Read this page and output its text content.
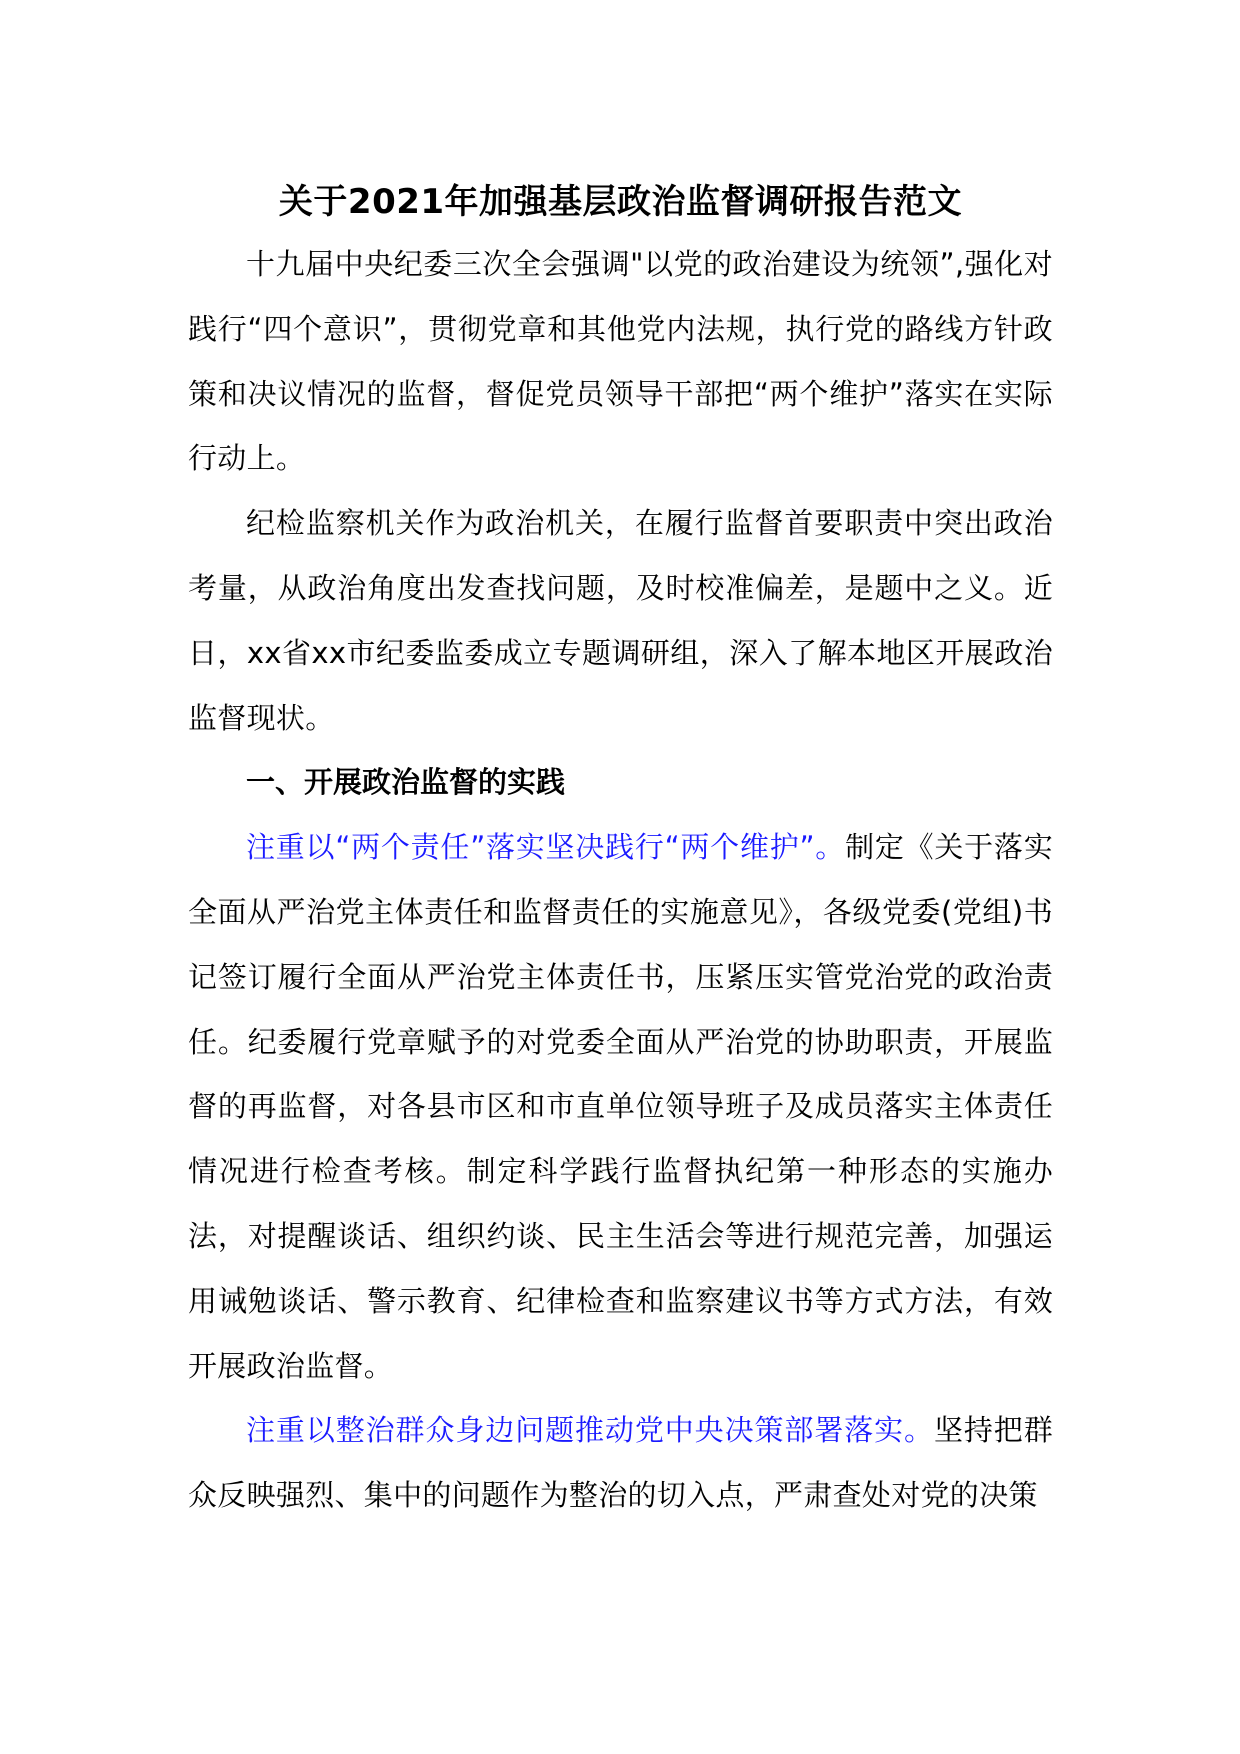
关于2021年加强基层政治监督调研报告范文

十九届中央纪委三次全会强调"以党的政治建设为统领”,强化对践行“四个意识”，贯彻党章和其他党内法规，执行党的路线方针政策和决议情况的监督，督促党员领导干部把“两个维护”落实在实际行动上。

纪检监察机关作为政治机关，在履行监督首要职责中突出政治考量，从政治角度出发查找问题，及时校准偏差，是题中之义。近日，xx省xx市纪委监委成立专题调研组，深入了解本地区开展政治监督现状。

一、开展政治监督的实践

注重以“两个责任”落实坚决践行“两个维护”。制定《关于落实全面从严治党主体责任和监督责任的实施意见》，各级党委(党组)书记签订履行全面从严治党主体责任书，压紧压实管党治党的政治责任。纪委履行党章赋予的对党委全面从严治党的协助职责，开展监督的再监督，对各县市区和市直单位领导班子及成员落实主体责任情况进行检查考核。制定科学践行监督执纪第一种形态的实施办法，对提醒谈话、组织约谈、民主生活会等进行规范完善，加强运用诫勉谈话、警示教育、纪律检查和监察建议书等方式方法，有效开展政治监督。

注重以整治群众身边问题推动党中央决策部署落实。坚持把群众反映强烈、集中的问题作为整治的切入点，严肃查处对党的决策
